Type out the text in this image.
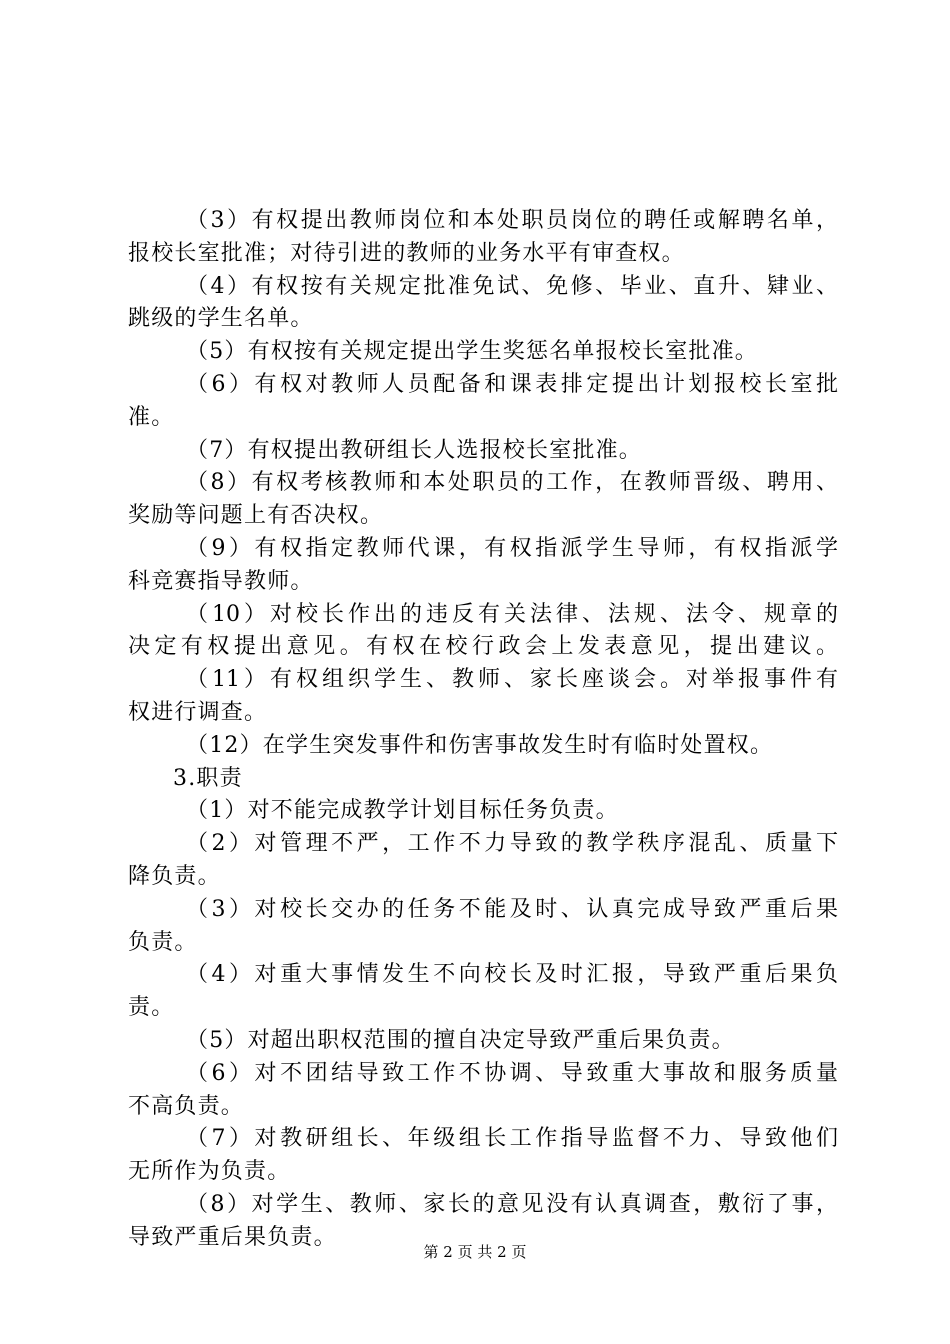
（3）有权提出教师岗位和本处职员岗位的聘任或解聘名单，
报校长室批准；对待引进的教师的业务水平有审查权。
（4）有权按有关规定批准免试、免修、毕业、直升、肄业、
跳级的学生名单。
（5）有权按有关规定提出学生奖惩名单报校长室批准。
（6）有权对教师人员配备和课表排定提出计划报校长室批
准。
（7）有权提出教研组长人选报校长室批准。
（8）有权考核教师和本处职员的工作，在教师晋级、聘用、
奖励等问题上有否决权。
（9）有权指定教师代课，有权指派学生导师，有权指派学
科竞赛指导教师。
（10）对校长作出的违反有关法律、法规、法令、规章的
决定有权提出意见。有权在校行政会上发表意见，提出建议。
（11）有权组织学生、教师、家长座谈会。对举报事件有
权进行调查。
（12）在学生突发事件和伤害事故发生时有临时处置权。
3.职责
（1）对不能完成教学计划目标任务负责。
（2）对管理不严，工作不力导致的教学秩序混乱、质量下
降负责。
（3）对校长交办的任务不能及时、认真完成导致严重后果
负责。
（4）对重大事情发生不向校长及时汇报，导致严重后果负
责。
（5）对超出职权范围的擅自决定导致严重后果负责。
（6）对不团结导致工作不协调、导致重大事故和服务质量
不高负责。
（7）对教研组长、年级组长工作指导监督不力、导致他们
无所作为负责。
（8）对学生、教师、家长的意见没有认真调查，敷衍了事，
导致严重后果负责。
第 2 页 共 2 页
